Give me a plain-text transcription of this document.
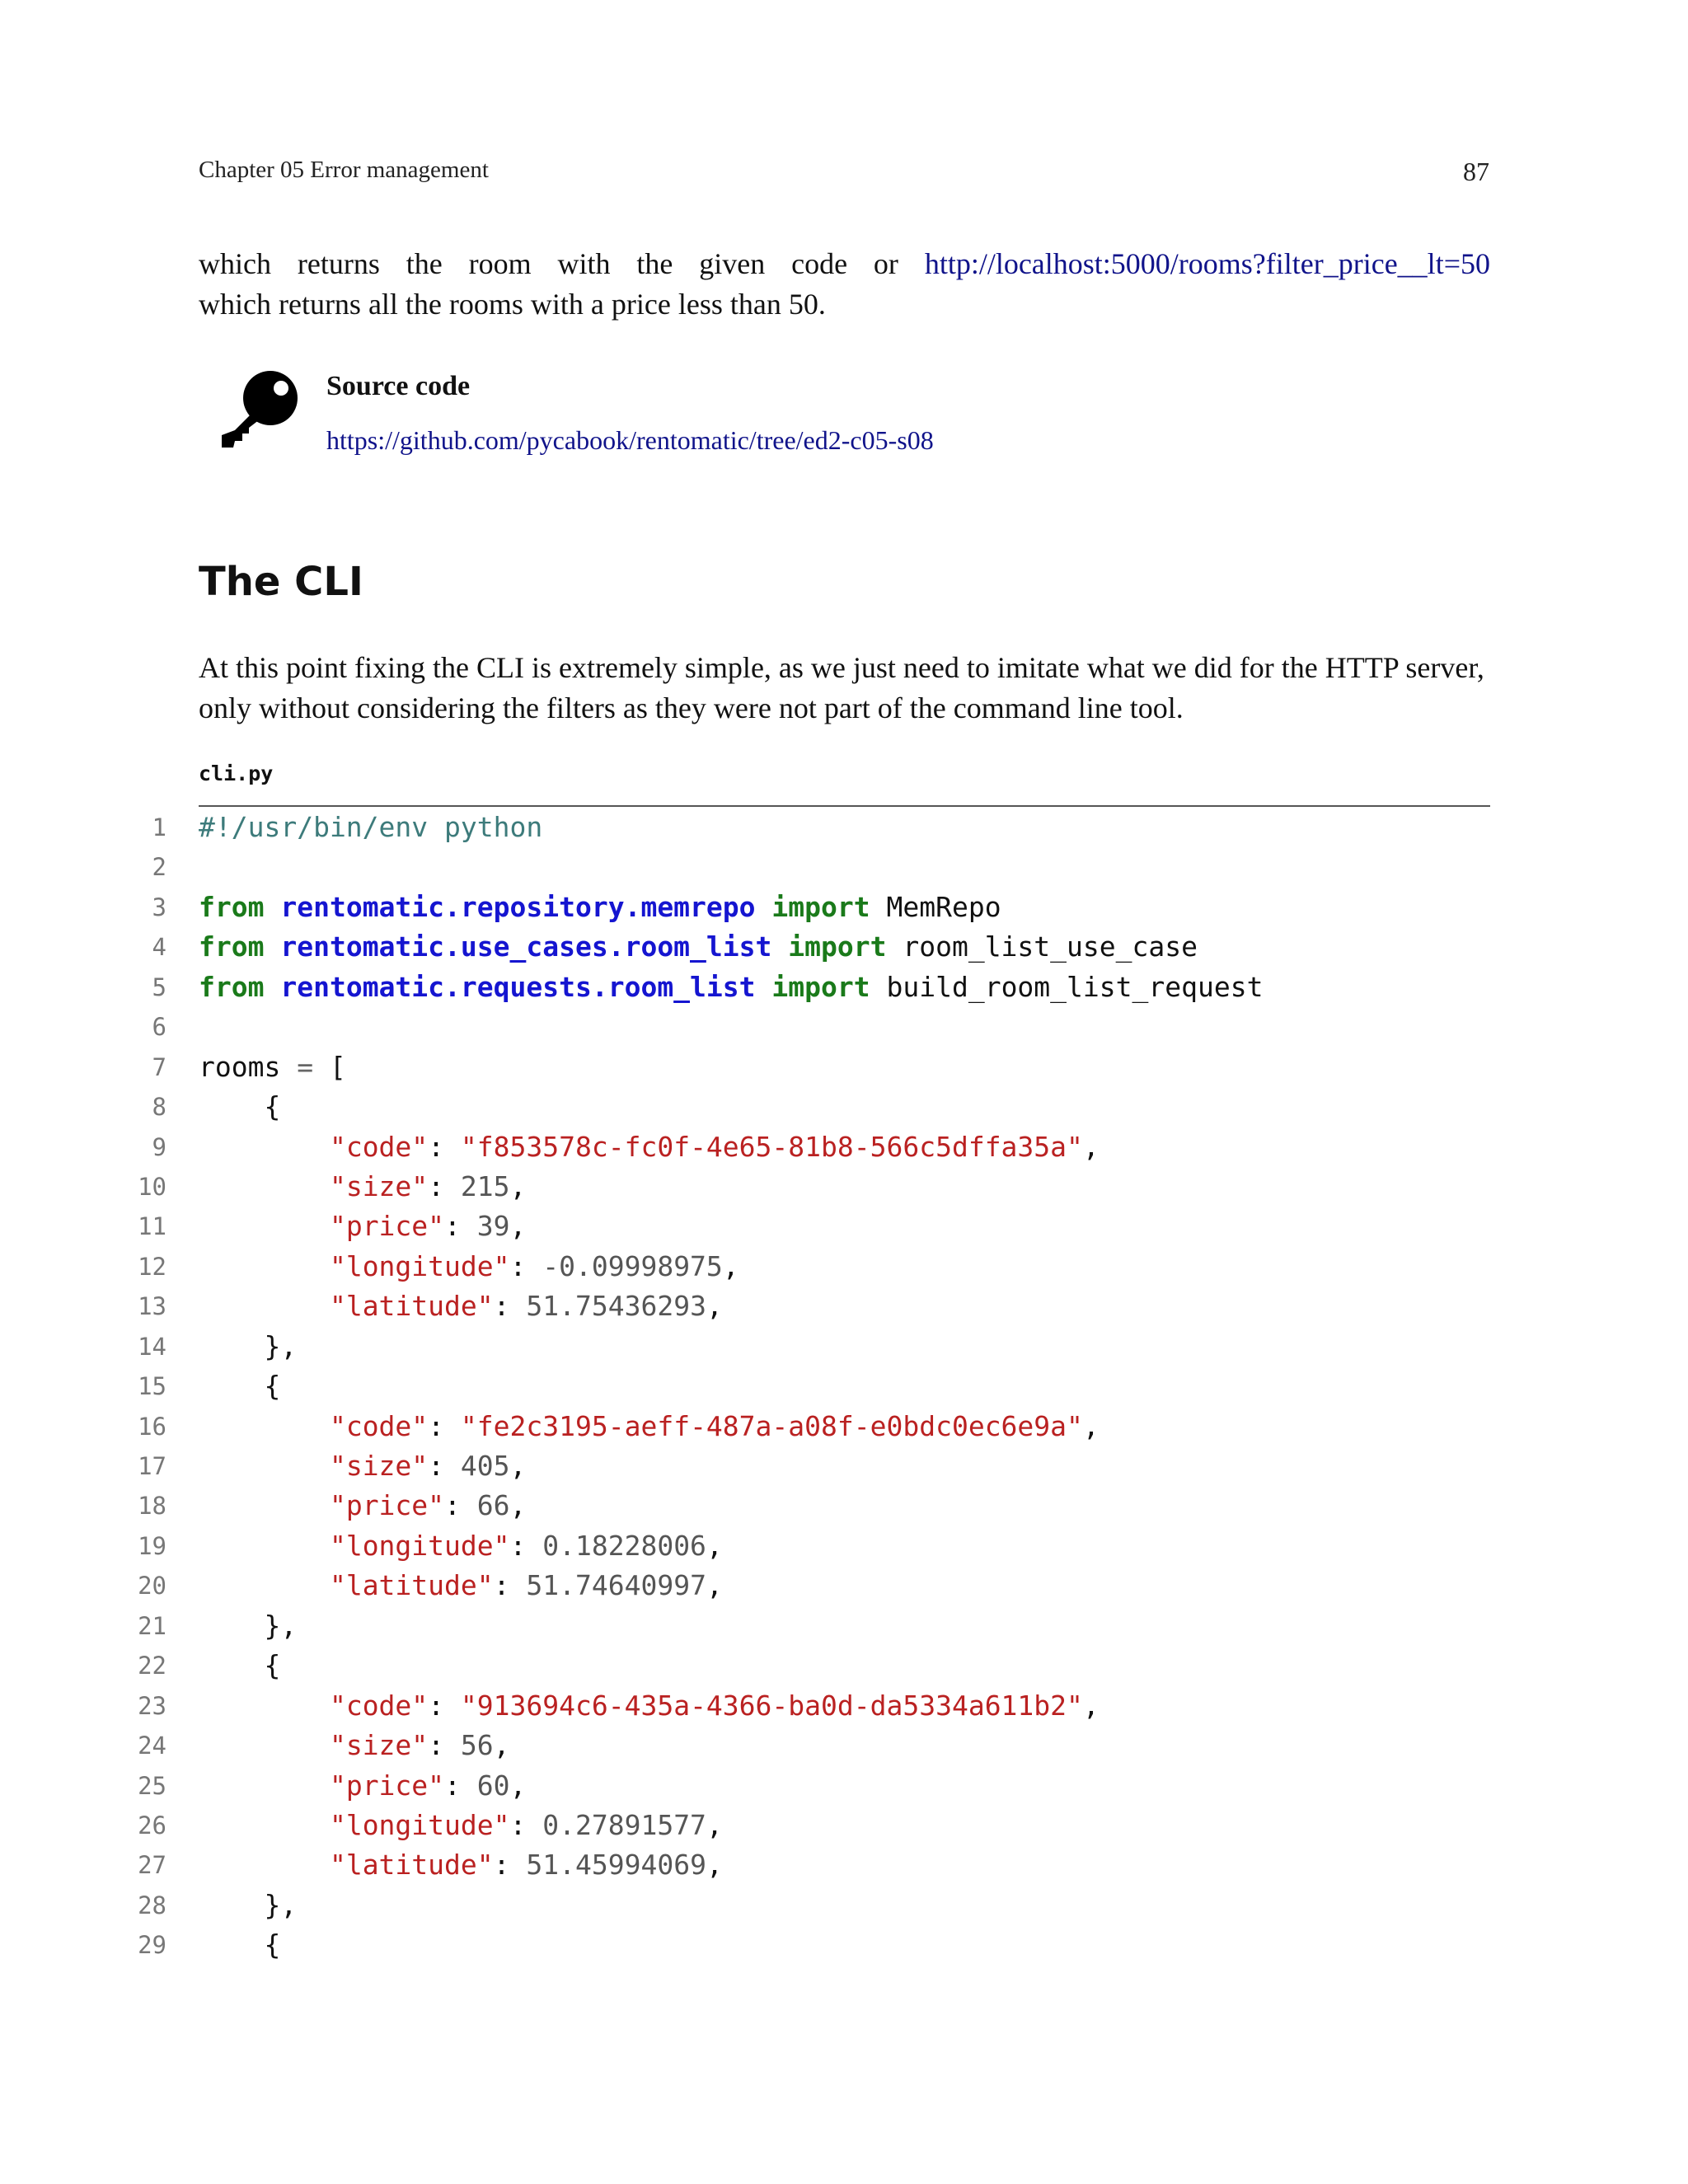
Chapter 05 Error management	87
which returns the room with the given code or http://localhost:5000/rooms?filter_price__lt=50
which returns all the rooms with a price less than 50.
Source code
https://github.com/pycabook/rentomatic/tree/ed2-c05-s08
The CLI
At this point fixing the CLI is extremely simple, as we just need to imitate what we did for the HTTP server, only without considering the filters as they were not part of the command line tool.
cli.py
1 #!/usr/bin/env python
2
3 from rentomatic.repository.memrepo import MemRepo
4 from rentomatic.use_cases.room_list import room_list_use_case
5 from rentomatic.requests.room_list import build_room_list_request
6
7 rooms = [
8 {
9	"code": "f853578c-fc0f-4e65-81b8-566c5dffa35a",
10	"size": 215,
11	"price": 39,
12	"longitude": -0.09998975,
13	"latitude": 51.75436293,
14 },
15 {
16	"code": "fe2c3195-aeff-487a-a08f-e0bdc0ec6e9a",
17	"size": 405,
18	"price": 66,
19	"longitude": 0.18228006,
20	"latitude": 51.74640997,
21 },
22 {
23	"code": "913694c6-435a-4366-ba0d-da5334a611b2",
24	"size": 56,
25	"price": 60,
26	"longitude": 0.27891577,
27	"latitude": 51.45994069,
28 },
29 {
